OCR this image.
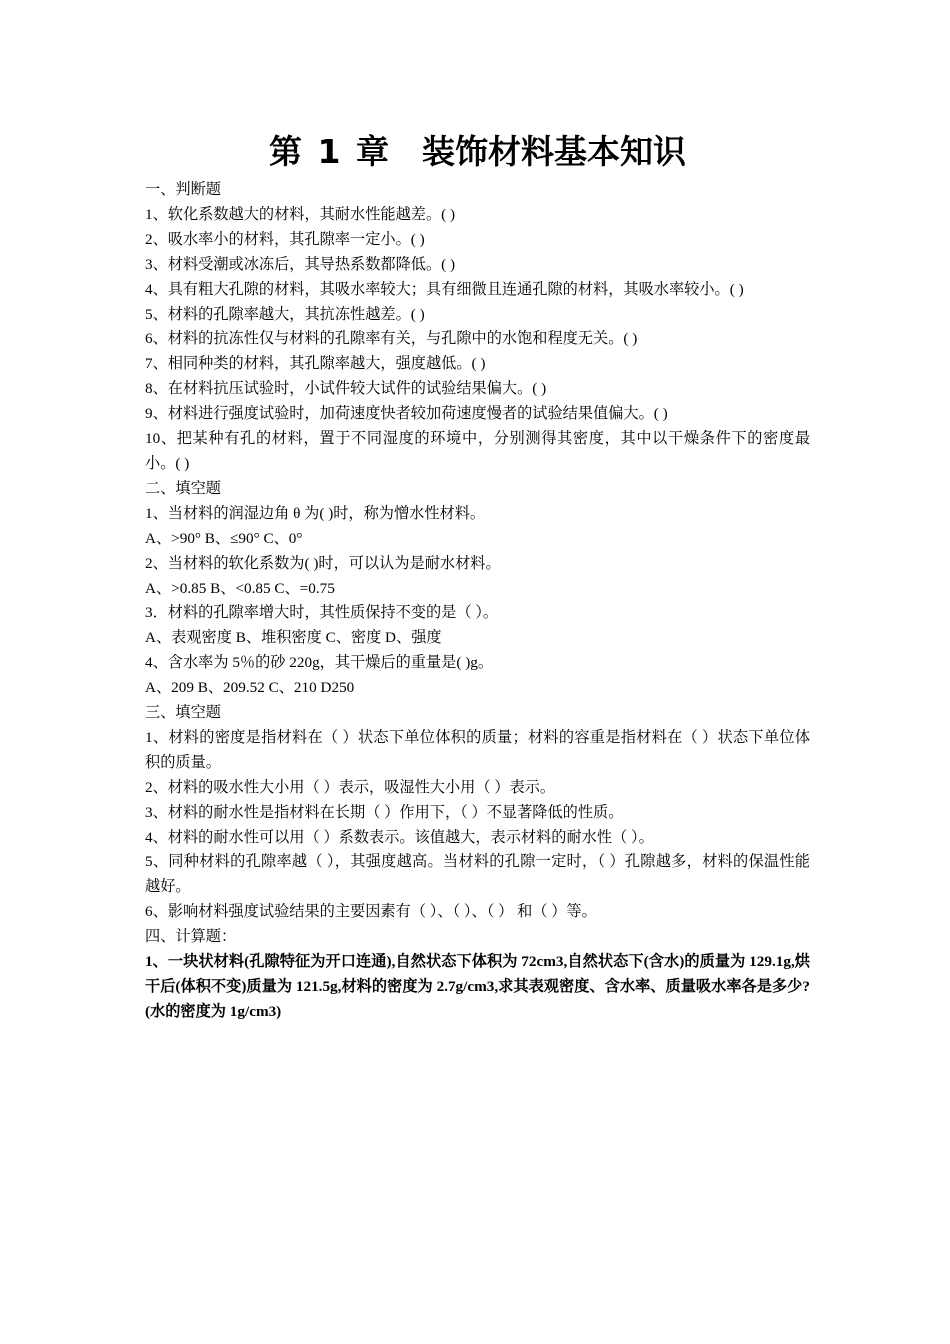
第 1 章　装饰材料基本知识

一、判断题

1、软化系数越大的材料，其耐水性能越差。( )

2、吸水率小的材料，其孔隙率一定小。( )

3、材料受潮或冰冻后，其导热系数都降低。( )

4、具有粗大孔隙的材料，其吸水率较大；具有细微且连通孔隙的材料，其吸水率较小。( )

5、材料的孔隙率越大，其抗冻性越差。( )

6、材料的抗冻性仅与材料的孔隙率有关，与孔隙中的水饱和程度无关。( )

7、相同种类的材料，其孔隙率越大，强度越低。( )

8、在材料抗压试验时，小试件较大试件的试验结果偏大。( )

9、材料进行强度试验时，加荷速度快者较加荷速度慢者的试验结果值偏大。( )

10、把某种有孔的材料，置于不同湿度的环境中，分别测得其密度，其中以干燥条件下的密度最小。( )

二、填空题

1、当材料的润湿边角 θ 为( )时，称为憎水性材料。

A、>90° B、≤90° C、0°

2、当材料的软化系数为( )时，可以认为是耐水材料。

A、>0.85 B、<0.85 C、=0.75

3．材料的孔隙率增大时，其性质保持不变的是（ ）。

A、表观密度 B、堆积密度 C、密度 D、强度

4、含水率为 5％的砂 220g，其干燥后的重量是( )g。

A、209 B、209.52 C、210 D250

三、填空题

1、材料的密度是指材料在（ ）状态下单位体积的质量；材料的容重是指材料在（ ）状态下单位体积的质量。

2、材料的吸水性大小用（ ）表示，吸湿性大小用（ ）表示。

3、材料的耐水性是指材料在长期（ ）作用下，（ ）不显著降低的性质。

4、材料的耐水性可以用（ ）系数表示。该值越大，表示材料的耐水性（ ）。

5、同种材料的孔隙率越（ ），其强度越高。当材料的孔隙一定时，（ ）孔隙越多，材料的保温性能越好。

6、影响材料强度试验结果的主要因素有（ ）、（ ）、（ ） 和（ ）等。

四、计算题：

1、一块状材料(孔隙特征为开口连通),自然状态下体积为 72cm3,自然状态下(含水)的质量为 129.1g,烘干后(体积不变)质量为 121.5g,材料的密度为 2.7g/cm3,求其表观密度、含水率、质量吸水率各是多少?(水的密度为 1g/cm3)
